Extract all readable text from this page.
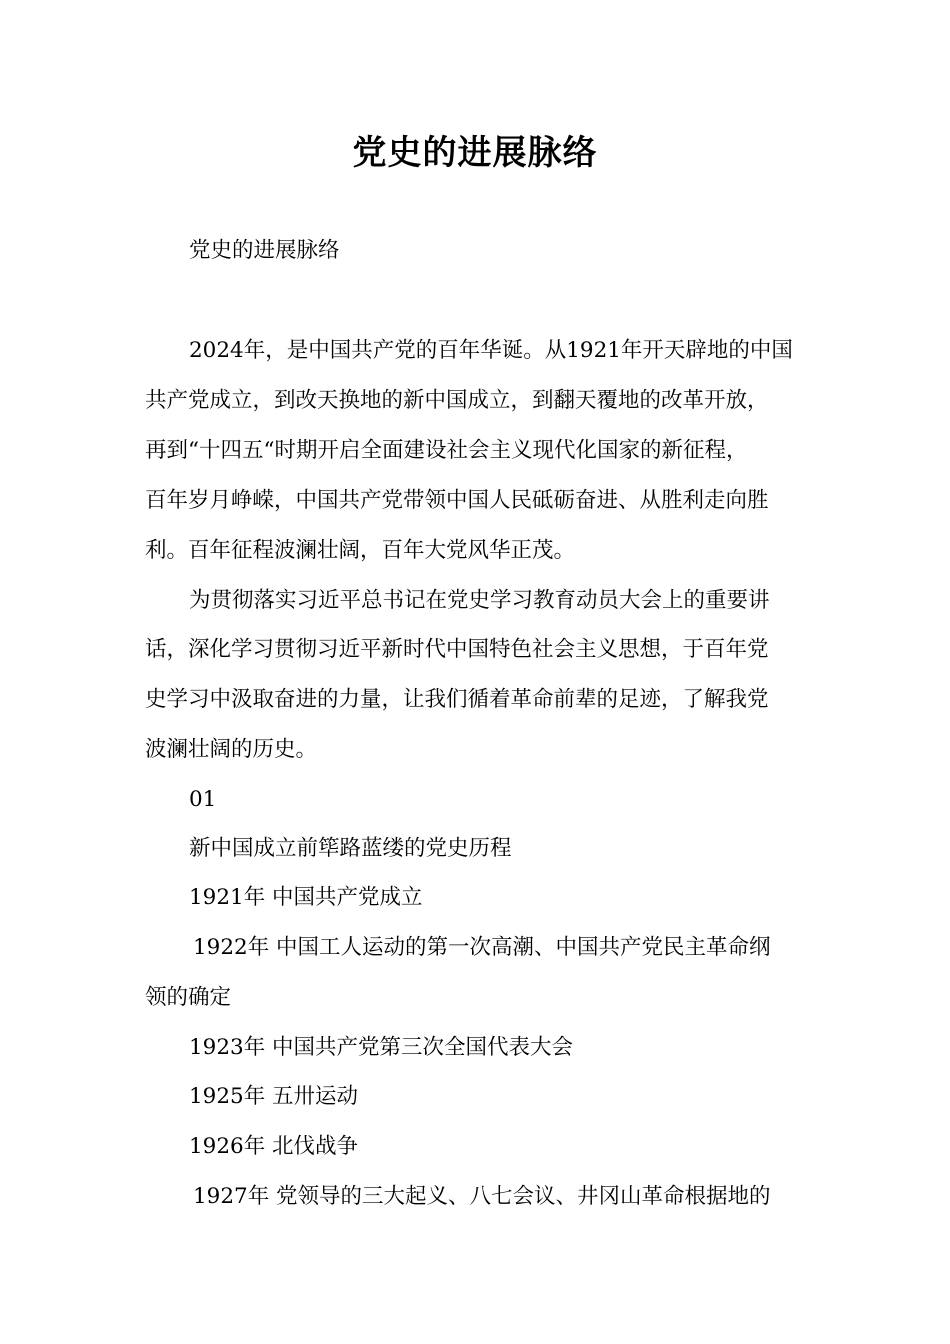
党史的进展脉络
党史的进展脉络
2024年，是中国共产党的百年华诞。从1921年开天辟地的中国
共产党成立，到改天换地的新中国成立，到翻天覆地的改革开放，
再到“十四五“时期开启全面建设社会主义现代化国家的新征程，
百年岁月峥嵘，中国共产党带领中国人民砥砺奋进、从胜利走向胜
利。百年征程波澜壮阔，百年大党风华正茂。
为贯彻落实习近平总书记在党史学习教育动员大会上的重要讲
话，深化学习贯彻习近平新时代中国特色社会主义思想，于百年党
史学习中汲取奋进的力量，让我们循着革命前辈的足迹，了解我党
波澜壮阔的历史。
01
新中国成立前筚路蓝缕的党史历程
1921年 中国共产党成立
1922年 中国工人运动的第一次高潮、中国共产党民主革命纲
领的确定
1923年 中国共产党第三次全国代表大会
1925年 五卅运动
1926年 北伐战争
1927年 党领导的三大起义、八七会议、井冈山革命根据地的
